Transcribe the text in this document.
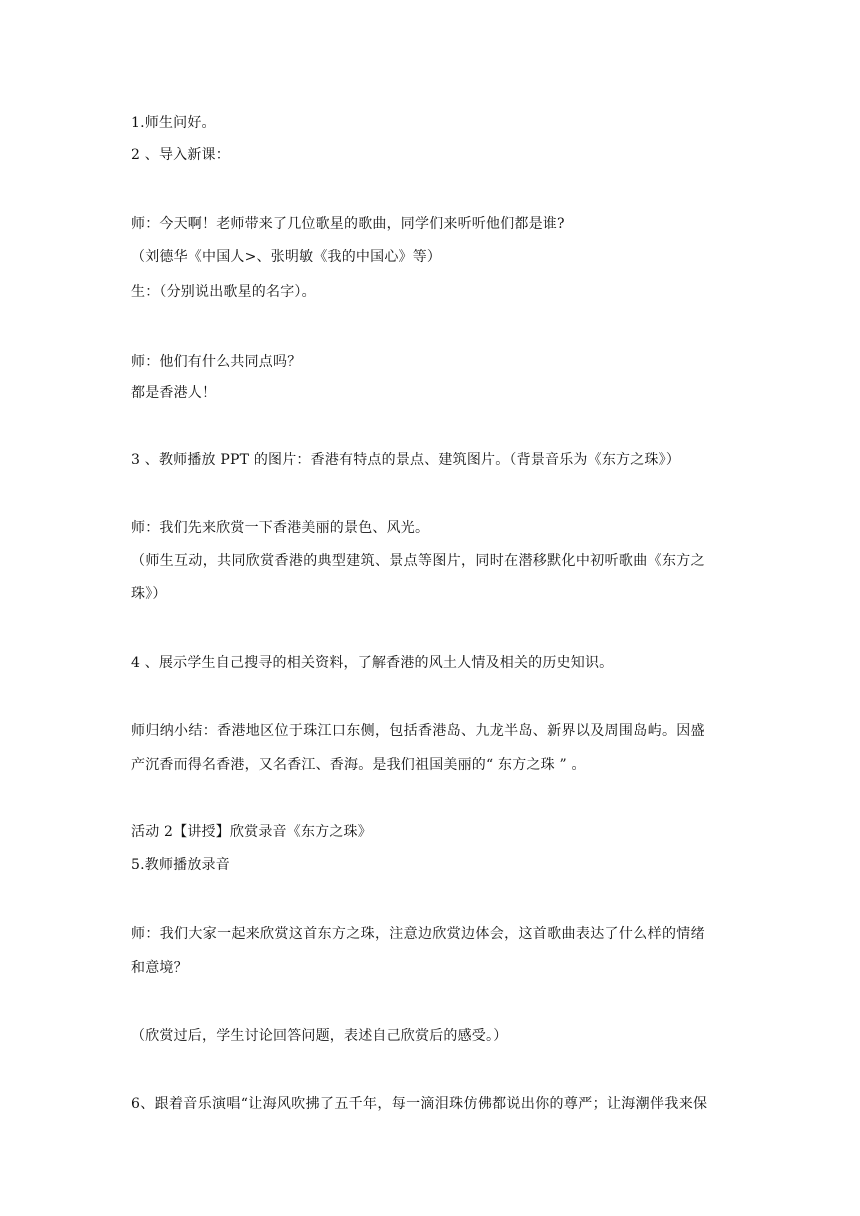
1.师生问好。
2 、导入新课：
师：今天啊！老师带来了几位歌星的歌曲，同学们来听听他们都是谁?
（刘德华《中国人>、张明敏《我的中国心》等）
生：（分别说出歌星的名字）。
师：他们有什么共同点吗？
都是香港人！
3 、教师播放 PPT 的图片：香港有特点的景点、建筑图片。（背景音乐为《东方之珠》）
师：我们先来欣赏一下香港美丽的景色、风光。
（师生互动，共同欣赏香港的典型建筑、景点等图片，同时在潜移默化中初听歌曲《东方之
珠》）
4 、展示学生自己搜寻的相关资料，了解香港的风土人情及相关的历史知识。
师归纳小结：香港地区位于珠江口东侧，包括香港岛、九龙半岛、新界以及周围岛屿。因盛
产沉香而得名香港，又名香江、香海。是我们祖国美丽的“ 东方之珠 ” 。
活动 2【讲授】欣赏录音《东方之珠》
5.教师播放录音
师：我们大家一起来欣赏这首东方之珠，注意边欣赏边体会，这首歌曲表达了什么样的情绪
和意境？
（欣赏过后，学生讨论回答问题，表述自己欣赏后的感受。）
6、跟着音乐演唱“让海风吹拂了五千年，每一滴泪珠仿佛都说出你的尊严；让海潮伴我来保
